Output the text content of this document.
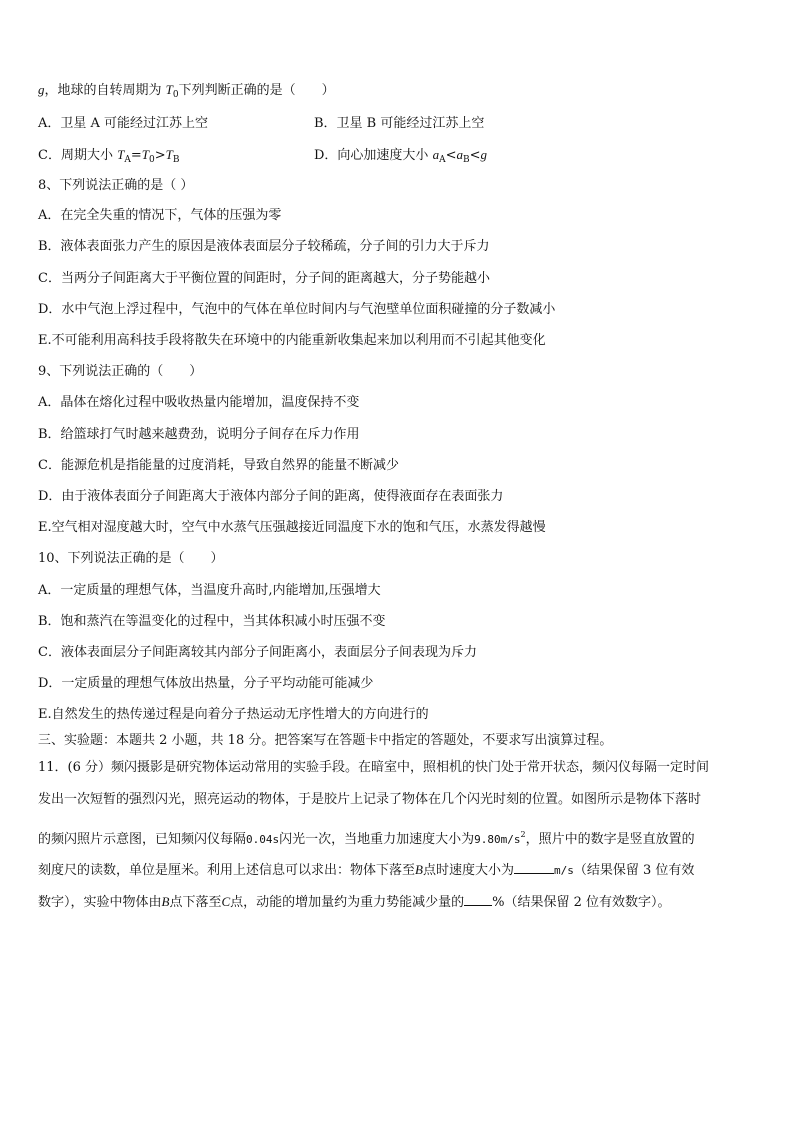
g，地球的自转周期为 $T_0$下列判断正确的是（　　）
A．卫星 A 可能经过江苏上空	B．卫星 B 可能经过江苏上空
C．周期大小 $T_A=T_0>T_B$	D．向心加速度大小 $a_A<a_B<g$
8、下列说法正确的是（ ）
A．在完全失重的情况下，气体的压强为零
B．液体表面张力产生的原因是液体表面层分子较稀疏，分子间的引力大于斥力
C．当两分子间距离大于平衡位置的间距时，分子间的距离越大，分子势能越小
D．水中气泡上浮过程中，气泡中的气体在单位时间内与气泡壁单位面积碰撞的分子数减小
E.不可能利用高科技手段将散失在环境中的内能重新收集起来加以利用而不引起其他变化
9、下列说法正确的（　　）
A．晶体在熔化过程中吸收热量内能增加，温度保持不变
B．给篮球打气时越来越费劲，说明分子间存在斥力作用
C．能源危机是指能量的过度消耗，导致自然界的能量不断减少
D．由于液体表面分子间距离大于液体内部分子间的距离，使得液面存在表面张力
E.空气相对湿度越大时，空气中水蒸气压强越接近同温度下水的饱和气压，水蒸发得越慢
10、下列说法正确的是（　　）
A．一定质量的理想气体，当温度升高时,内能增加,压强增大
B．饱和蒸汽在等温变化的过程中，当其体积减小时压强不变
C．液体表面层分子间距离较其内部分子间距离小，表面层分子间表现为斥力
D．一定质量的理想气体放出热量，分子平均动能可能减少
E.自然发生的热传递过程是向着分子热运动无序性增大的方向进行的
三、实验题：本题共 2 小题，共 18 分。把答案写在答题卡中指定的答题处，不要求写出演算过程。
11．(6 分）频闪摄影是研究物体运动常用的实验手段。在暗室中，照相机的快门处于常开状态，频闪仪每隔一定时间
发出一次短暂的强烈闪光，照亮运动的物体，于是胶片上记录了物体在几个闪光时刻的位置。如图所示是物体下落时
的频闪照片示意图，已知频闪仪每隔0.04s闪光一次，当地重力加速度大小为$9.80m/s^2$，照片中的数字是竖直放置的
刻度尺的读数，单位是厘米。利用上述信息可以求出：物体下落至B点时速度大小为	m/s（结果保留 3 位有效
数字），实验中物体由B点下落至C点，动能的增加量约为重力势能减少量的 %（结果保留 2 位有效数字）。
